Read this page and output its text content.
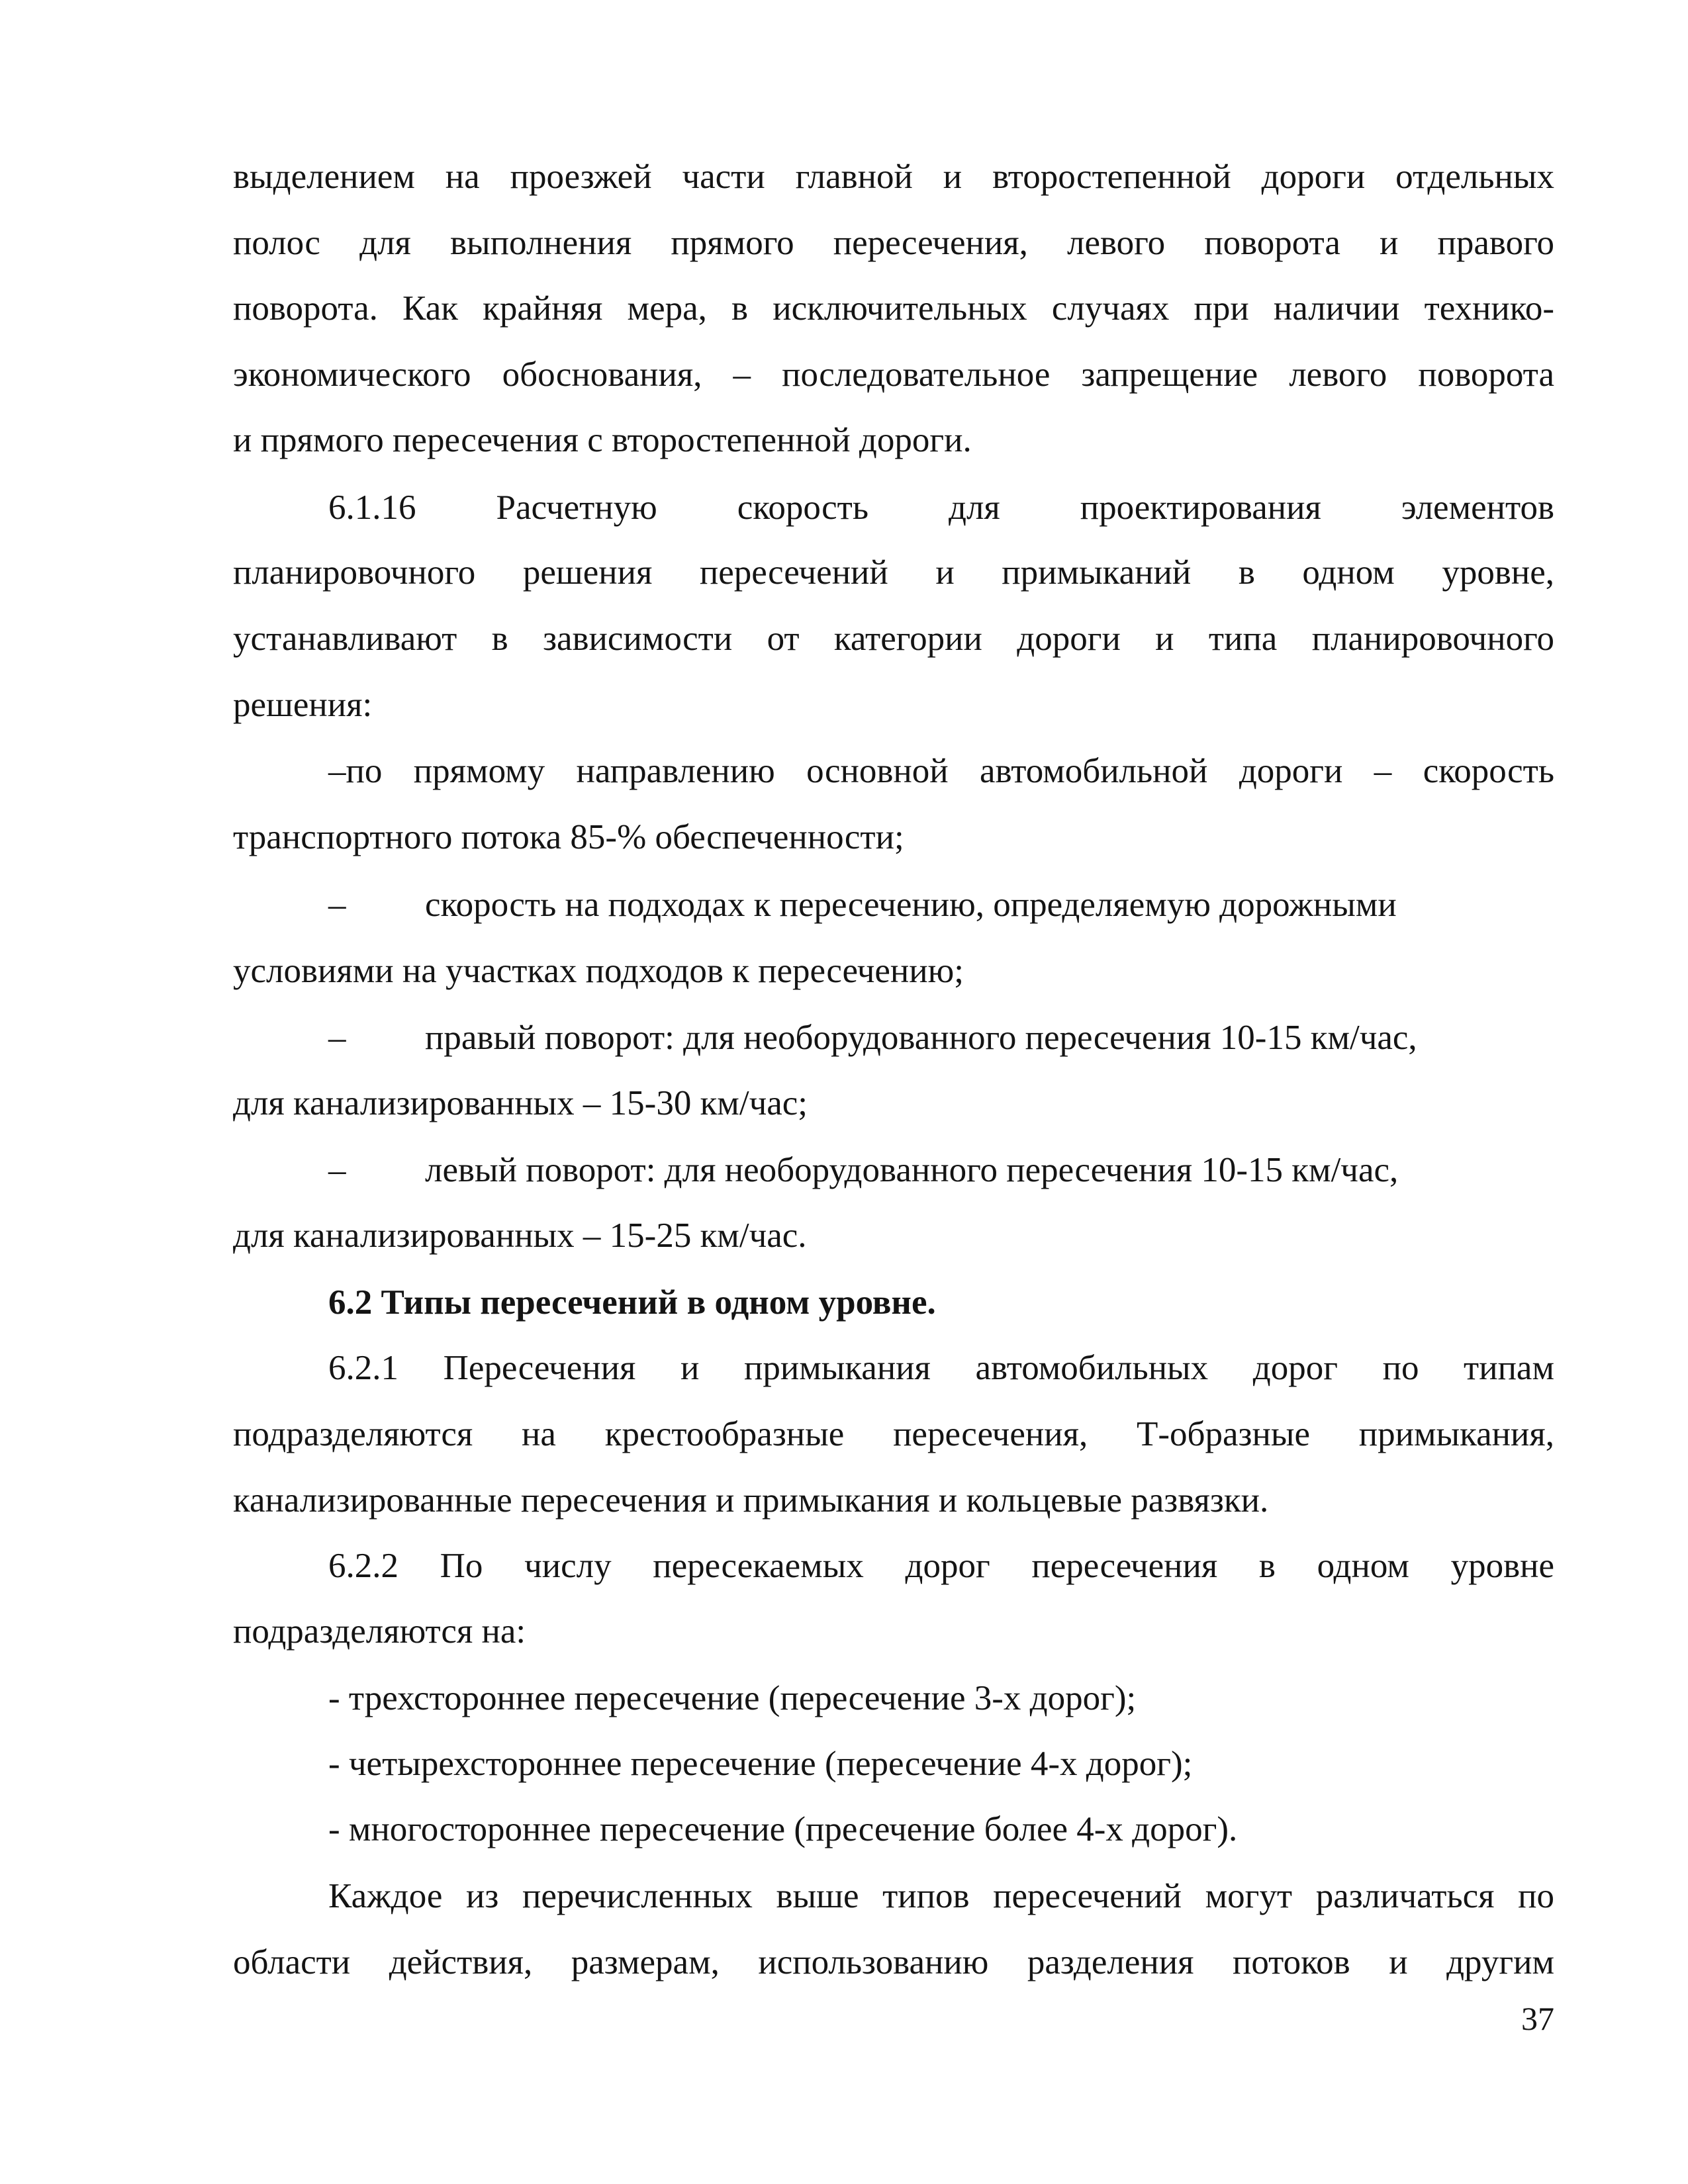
выделением на проезжей части главной и второстепенной дороги отдельных
полос для выполнения прямого пересечения, левого поворота и правого
поворота. Как крайняя мера, в исключительных случаях при наличии технико-
экономического обоснования, – последовательное запрещение левого поворота
и прямого пересечения с второстепенной дороги.
6.1.16 Расчетную скорость для проектирования элементов
планировочного решения пересечений и примыканий в одном уровне,
устанавливают в зависимости от категории дороги и типа планировочного
решения:
–по прямому направлению основной автомобильной дороги – скорость
транспортного потока 85-% обеспеченности;
– скорость на подходах к пересечению, определяемую дорожными
условиями на участках подходов к пересечению;
– правый поворот: для необорудованного пересечения 10-15 км/час,
для канализированных – 15-30 км/час;
– левый поворот: для необорудованного пересечения 10-15 км/час,
для канализированных – 15-25 км/час.
6.2 Типы пересечений в одном уровне.
6.2.1 Пересечения и примыкания автомобильных дорог по типам
подразделяются на крестообразные пересечения, Т-образные примыкания,
канализированные пересечения и примыкания и кольцевые развязки.
6.2.2 По числу пересекаемых дорог пересечения в одном уровне
подразделяются на:
- трехстороннее пересечение (пересечение 3-х дорог);
- четырехстороннее пересечение (пересечение 4-х дорог);
- многостороннее пересечение (пресечение более 4-х дорог).
Каждое из перечисленных выше типов пересечений могут различаться по
области действия, размерам, использованию разделения потоков и другим
37
